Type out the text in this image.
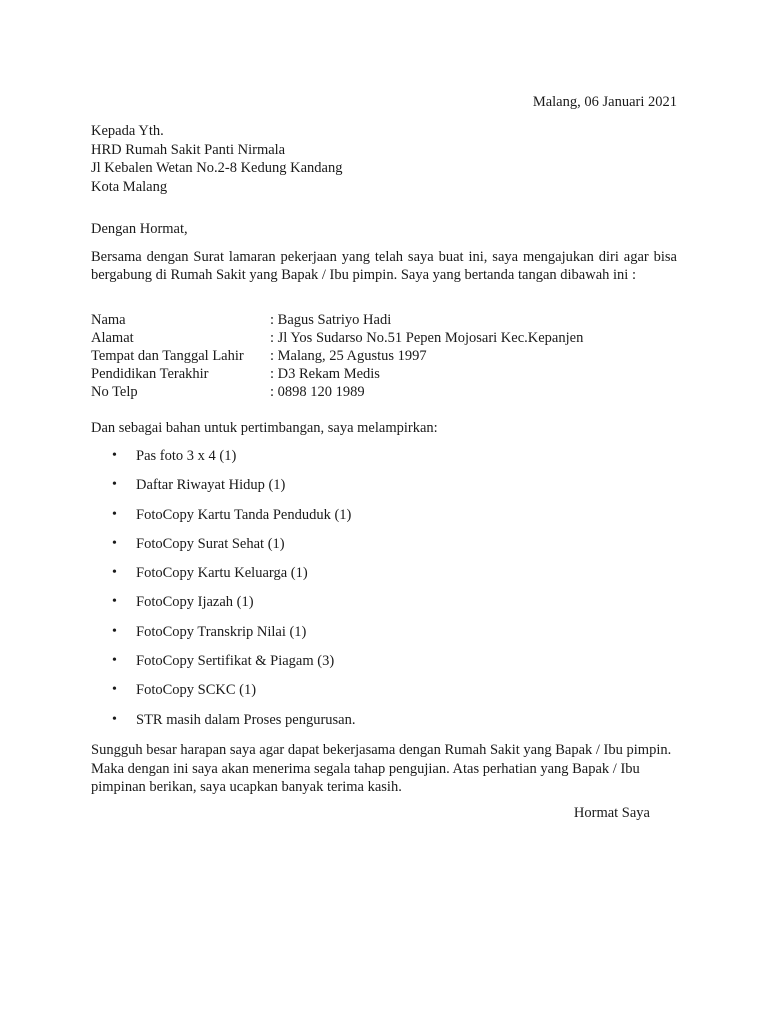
Malang, 06 Januari 2021
Kepada Yth.
HRD Rumah Sakit Panti Nirmala
Jl Kebalen Wetan No.2-8 Kedung Kandang
Kota Malang
Dengan Hormat,
Bersama dengan Surat lamaran pekerjaan yang telah saya buat ini, saya mengajukan diri agar bisa bergabung di Rumah Sakit yang Bapak / Ibu pimpin. Saya yang bertanda tangan dibawah ini :
Nama	: Bagus Satriyo Hadi
Alamat	: Jl Yos Sudarso No.51 Pepen Mojosari Kec.Kepanjen
Tempat dan Tanggal Lahir	: Malang, 25 Agustus 1997
Pendidikan Terakhir	: D3 Rekam Medis
No Telp	: 0898 120 1989
Dan sebagai bahan untuk pertimbangan, saya melampirkan:
• Pas foto 3 x 4 (1)
• Daftar Riwayat Hidup (1)
• FotoCopy Kartu Tanda Penduduk (1)
• FotoCopy Surat Sehat (1)
• FotoCopy Kartu Keluarga (1)
• FotoCopy Ijazah (1)
• FotoCopy Transkrip Nilai (1)
• FotoCopy Sertifikat & Piagam (3)
• FotoCopy SCKC (1)
• STR masih dalam Proses pengurusan.
Sungguh besar harapan saya agar dapat bekerjasama dengan Rumah Sakit yang Bapak / Ibu pimpin. Maka dengan ini saya akan menerima segala tahap pengujian. Atas perhatian yang Bapak / Ibu pimpinan berikan, saya ucapkan banyak terima kasih.
Hormat Saya
